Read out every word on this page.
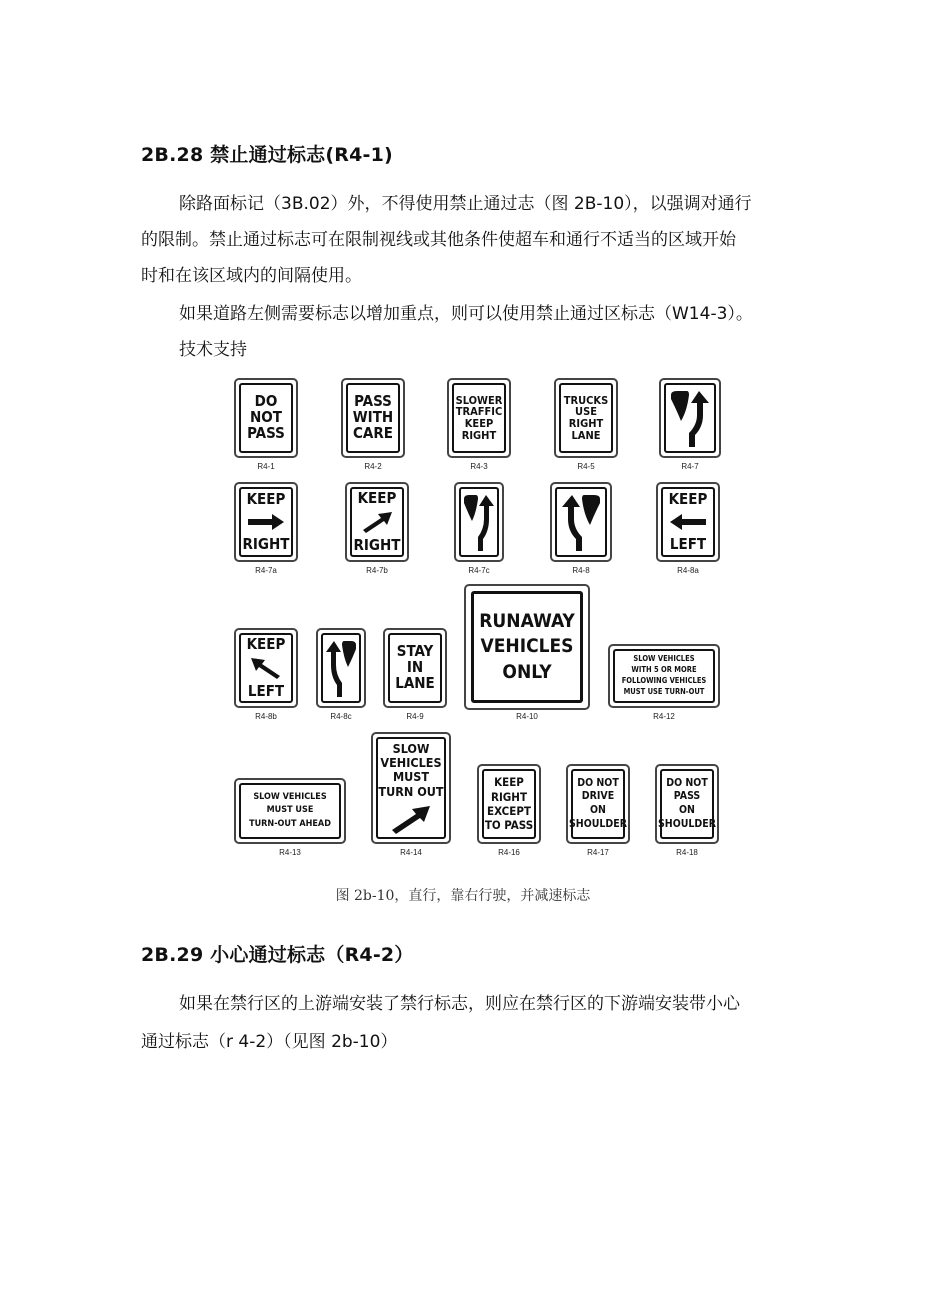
2B.28 禁止通过标志(R4-1)
除路面标记（3B.02）外，不得使用禁止通过志（图 2B-10），以强调对通行
的限制。禁止通过标志可在限制视线或其他条件使超车和通行不适当的区域开始
时和在该区域内的间隔使用。
如果道路左侧需要标志以增加重点，则可以使用禁止通过区标志（W14-3）。
技术支持
DO
NOT
PASS
R4-1
PASS
WITH
CARE
R4-2
SLOWER
TRAFFIC
KEEP
RIGHT
R4-3
TRUCKS
USE
RIGHT
LANE
R4-5	R4-7
KEEP
RIGHT
R4-7a
KEEP
RIGHT
R4-7b	R4-7c	R4-8
KEEP
LEFT
R4-8a
KEEP
LEFT
R4-8b	R4-8c
STAY
IN
LANE
R4-9
RUNAWAY
VEHICLES
ONLY
R4-10
SLOW VEHICLES
WITH 5 OR MORE
FOLLOWING VEHICLES
MUST USE TURN-OUT
R4-12
SLOW VEHICLES
MUST USE
TURN-OUT AHEAD
R4-13
SLOW
VEHICLES
MUST
TURN OUT
R4-14
KEEP
RIGHT
EXCEPT
TO PASS
R4-16
DO NOT
DRIVE
ON
SHOULDER
R4-17
DO NOT
PASS
ON
SHOULDER
R4-18
图 2b-10，直行，靠右行驶，并减速标志
2B.29 小心通过标志（R4-2）
如果在禁行区的上游端安装了禁行标志，则应在禁行区的下游端安装带小心
通过标志（r 4-2）（见图 2b-10）
